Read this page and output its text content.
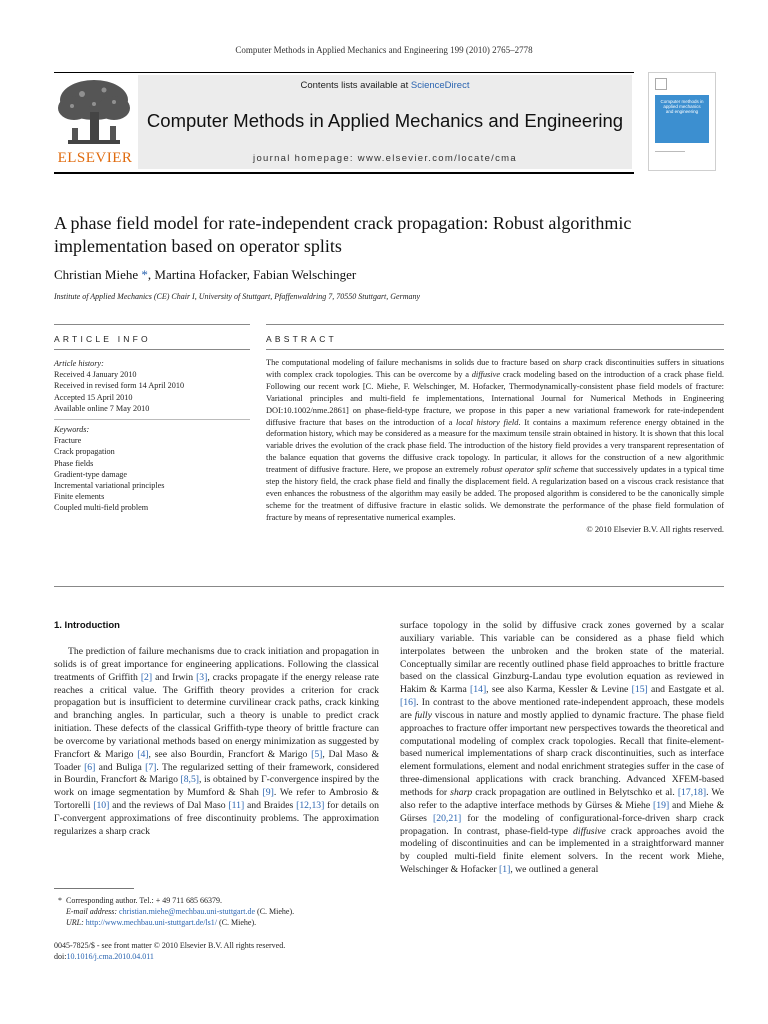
Computer Methods in Applied Mechanics and Engineering 199 (2010) 2765–2778
ELSEVIER
Contents lists available at ScienceDirect
Computer Methods in Applied Mechanics and Engineering
journal homepage: www.elsevier.com/locate/cma
Computer methods in applied mechanics and engineering
A phase field model for rate-independent crack propagation: Robust algorithmic implementation based on operator splits
Christian Miehe *, Martina Hofacker, Fabian Welschinger
Institute of Applied Mechanics (CE) Chair I, University of Stuttgart, Pfaffenwaldring 7, 70550 Stuttgart, Germany
ARTICLE INFO	ABSTRACT
Article history:
Received 4 January 2010
Received in revised form 14 April 2010
Accepted 15 April 2010
Available online 7 May 2010
Keywords:
Fracture
Crack propagation
Phase fields
Gradient-type damage
Incremental variational principles
Finite elements
Coupled multi-field problem
The computational modeling of failure mechanisms in solids due to fracture based on sharp crack discontinuities suffers in situations with complex crack topologies. This can be overcome by a diffusive crack modeling based on the introduction of a crack phase field. Following our recent work [C. Miehe, F. Welschinger, M. Hofacker, Thermodynamically-consistent phase field models of fracture: Variational principles and multi-field fe implementations, International Journal for Numerical Methods in Engineering DOI:10.1002/nme.2861] on phase-field-type fracture, we propose in this paper a new variational framework for rate-independent diffusive fracture that bases on the introduction of a local history field. It contains a maximum reference energy obtained in the deformation history, which may be considered as a measure for the maximum tensile strain obtained in history. It is shown that this local variable drives the evolution of the crack phase field. The introduction of the history field provides a very transparent representation of the balance equation that governs the diffusive crack topology. In particular, it allows for the construction of a new algorithmic treatment of diffusive fracture. Here, we propose an extremely robust operator split scheme that successively updates in a typical time step the history field, the crack phase field and finally the displacement field. A regularization based on a viscous crack resistance that even enhances the robustness of the algorithm may easily be added. The proposed algorithm is considered to be the canonically simple scheme for the treatment of diffusive fracture in elastic solids. We demonstrate the performance of the phase field formulation of fracture by means of representative numerical examples.
© 2010 Elsevier B.V. All rights reserved.
1. Introduction
The prediction of failure mechanisms due to crack initiation and propagation in solids is of great importance for engineering applications. Following the classical treatments of Griffith [2] and Irwin [3], cracks propagate if the energy release rate reaches a critical value. The Griffith theory provides a criterion for crack propagation but is insufficient to determine curvilinear crack paths, crack kinking and branching angles. In particular, such a theory is unable to predict crack initiation. These defects of the classical Griffith-type theory of brittle fracture can be overcome by variational methods based on energy minimization as suggested by Francfort & Marigo [4], see also Bourdin, Francfort & Marigo [5], Dal Maso & Toader [6] and Buliga [7]. The regularized setting of their framework, considered in Bourdin, Francfort & Marigo [8,5], is obtained by Γ-convergence inspired by the work on image segmentation by Mumford & Shah [9]. We refer to Ambrosio & Tortorelli [10] and the reviews of Dal Maso [11] and Braides [12,13] for details on Γ-convergent approximations of free discontinuity problems. The approximation regularizes a sharp crack
surface topology in the solid by diffusive crack zones governed by a scalar auxiliary variable. This variable can be considered as a phase field which interpolates between the unbroken and the broken state of the material. Conceptually similar are recently outlined phase field approaches to brittle fracture based on the classical Ginzburg-Landau type evolution equation as reviewed in Hakim & Karma [14], see also Karma, Kessler & Levine [15] and Eastgate et al. [16]. In contrast to the above mentioned rate-independent approach, these models are fully viscous in nature and mostly applied to dynamic fracture. The phase field approaches to fracture offer important new perspectives towards the theoretical and computational modeling of complex crack topologies. Recall that finite-element-based numerical implementations of sharp crack discontinuities, such as interface element formulations, element and nodal enrichment strategies suffer in the case of three-dimensional applications with crack branching. Advanced XFEM-based methods for sharp crack propagation are outlined in Belytschko et al. [17,18]. We also refer to the adaptive interface methods by Gürses & Miehe [19] and Miehe & Gürses [20,21] for the modeling of configurational-force-driven sharp crack propagation. In contrast, phase-field-type diffusive crack approaches avoid the modeling of discontinuities and can be implemented in a straightforward manner by coupled multi-field finite element solvers. In the recent work Miehe, Welschinger & Hofacker [1], we outlined a general
* Corresponding author. Tel.: + 49 711 685 66379.
E-mail address: christian.miehe@mechbau.uni-stuttgart.de (C. Miehe).
URL: http://www.mechbau.uni-stuttgart.de/ls1/ (C. Miehe).
0045-7825/$ - see front matter © 2010 Elsevier B.V. All rights reserved.
doi:10.1016/j.cma.2010.04.011
